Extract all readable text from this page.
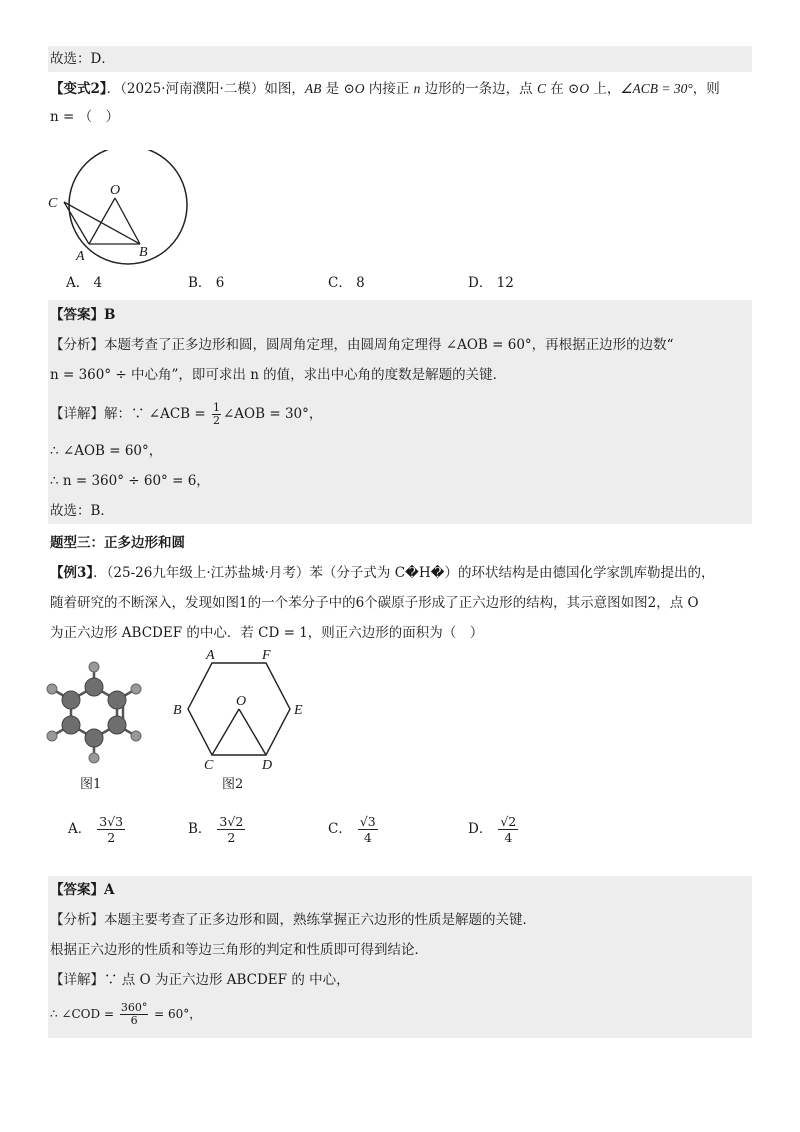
故选：D．
【变式2】．（2025·河南濮阳·二模）如图，AB 是 ⊙O 内接正 n 边形的一条边，点 C 在 ⊙O 上，∠ACB = 30°，则
n = （　）
O
C
A	B
A． 4	B． 6	C． 8	D． 12
【答案】B
【分析】本题考查了正多边形和圆，圆周角定理，由圆周角定理得 ∠AOB = 60°，再根据正边形的边数“
n = 360° ÷ 中心角”，即可求出 n 的值，求出中心角的度数是解题的关键．
【详解】解：∵ ∠ACB = $\frac{1}{2}$ ∠AOB = 30°，
∴ ∠AOB = 60°，
∴ n = 360° ÷ 60° = 6，
故选：B．
题型三：正多边形和圆
【例3】．（25-26九年级上·江苏盐城·月考）苯（分子式为 C�H�）的环状结构是由德国化学家凯库勒提出的，
随着研究的不断深入，发现如图1的一个苯分子中的6个碳原子形成了正六边形的结构，其示意图如图2，点 O
为正六边形 ABCDEF 的中心．若 CD = 1，则正六边形的面积为（　）
图1
A	F
B	E
C	D
O
图2
A． $\frac{3√3}{2}$	B． $\frac{3√2}{2}$	C． $\frac{√3}{4}$	D． $\frac{√2}{4}$
【答案】A
【分析】本题主要考查了正多边形和圆，熟练掌握正六边形的性质是解题的关键．
根据正六边形的性质和等边三角形的判定和性质即可得到结论．
【详解】∵ 点 O 为正六边形 ABCDEF 的 中心，
∴ ∠COD = $\frac{360^\circ}{6} = 60^\circ$，
